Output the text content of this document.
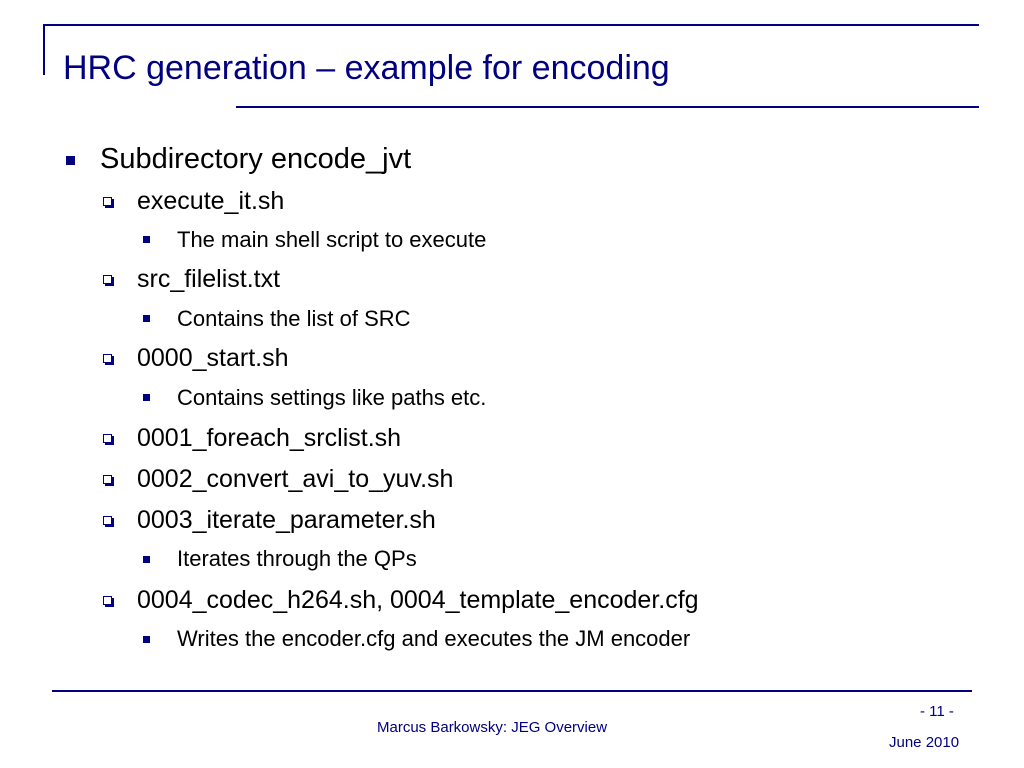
HRC generation – example for encoding
Subdirectory encode_jvt
execute_it.sh
The main shell script to execute
src_filelist.txt
Contains the list of SRC
0000_start.sh
Contains settings like paths etc.
0001_foreach_srclist.sh
0002_convert_avi_to_yuv.sh
0003_iterate_parameter.sh
Iterates through the QPs
0004_codec_h264.sh, 0004_template_encoder.cfg
Writes the encoder.cfg and executes the JM encoder
Marcus Barkowsky: JEG Overview
- 11 -
June 2010
